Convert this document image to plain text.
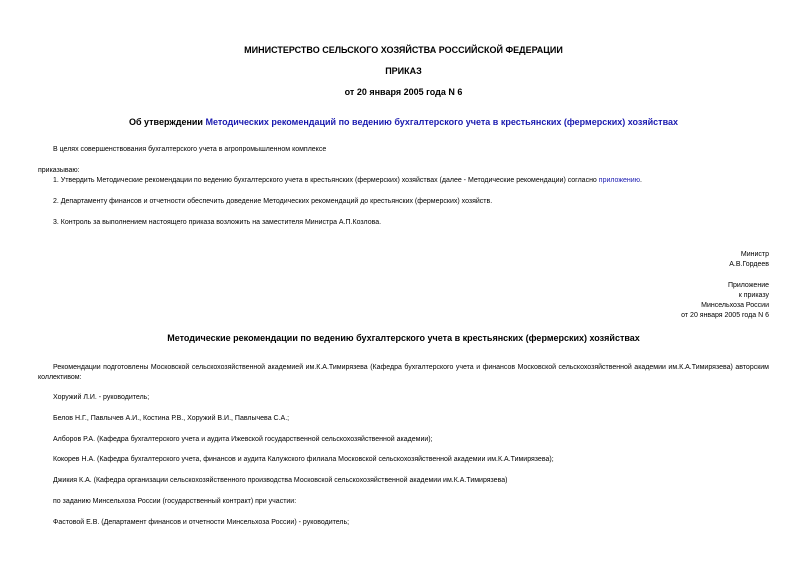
МИНИСТЕРСТВО СЕЛЬСКОГО ХОЗЯЙСТВА РОССИЙСКОЙ ФЕДЕРАЦИИ
ПРИКАЗ
от 20 января 2005 года N 6
Об утверждении Методических рекомендаций по ведению бухгалтерского учета в крестьянских (фермерских) хозяйствах
В целях совершенствования бухгалтерского учета в агропромышленном комплексе
приказываю:
1. Утвердить Методические рекомендации по ведению бухгалтерского учета в крестьянских (фермерских) хозяйствах (далее - Методические рекомендации) согласно приложению.
2. Департаменту финансов и отчетности обеспечить доведение Методических рекомендаций до крестьянских (фермерских) хозяйств.
3. Контроль за выполнением настоящего приказа возложить на заместителя Министра А.П.Козлова.
Министр
А.В.Гордеев
Приложение
к приказу
Минсельхоза России
от 20 января 2005 года N 6
Методические рекомендации по ведению бухгалтерского учета в крестьянских (фермерских) хозяйствах
Рекомендации подготовлены Московской сельскохозяйственной академией им.К.А.Тимирязева (Кафедра бухгалтерского учета и финансов Московской сельскохозяйственной академии им.К.А.Тимирязева) авторским коллективом:
Хоружий Л.И. - руководитель;
Белов Н.Г., Павлычев А.И., Костина Р.В., Хоружий В.И., Павлычева С.А.;
Алборов Р.А. (Кафедра бухгалтерского учета и аудита Ижевской государственной сельскохозяйственной академии);
Кокорев Н.А. (Кафедра бухгалтерского учета, финансов и аудита Калужского филиала Московской сельскохозяйственной академии им.К.А.Тимирязева);
Джикия К.А. (Кафедра организации сельскохозяйственного производства Московской сельскохозяйственной академии им.К.А.Тимирязева)
по заданию Минсельхоза России (государственный контракт) при участии:
Фастовой Е.В. (Департамент финансов и отчетности Минсельхоза России) - руководитель;
